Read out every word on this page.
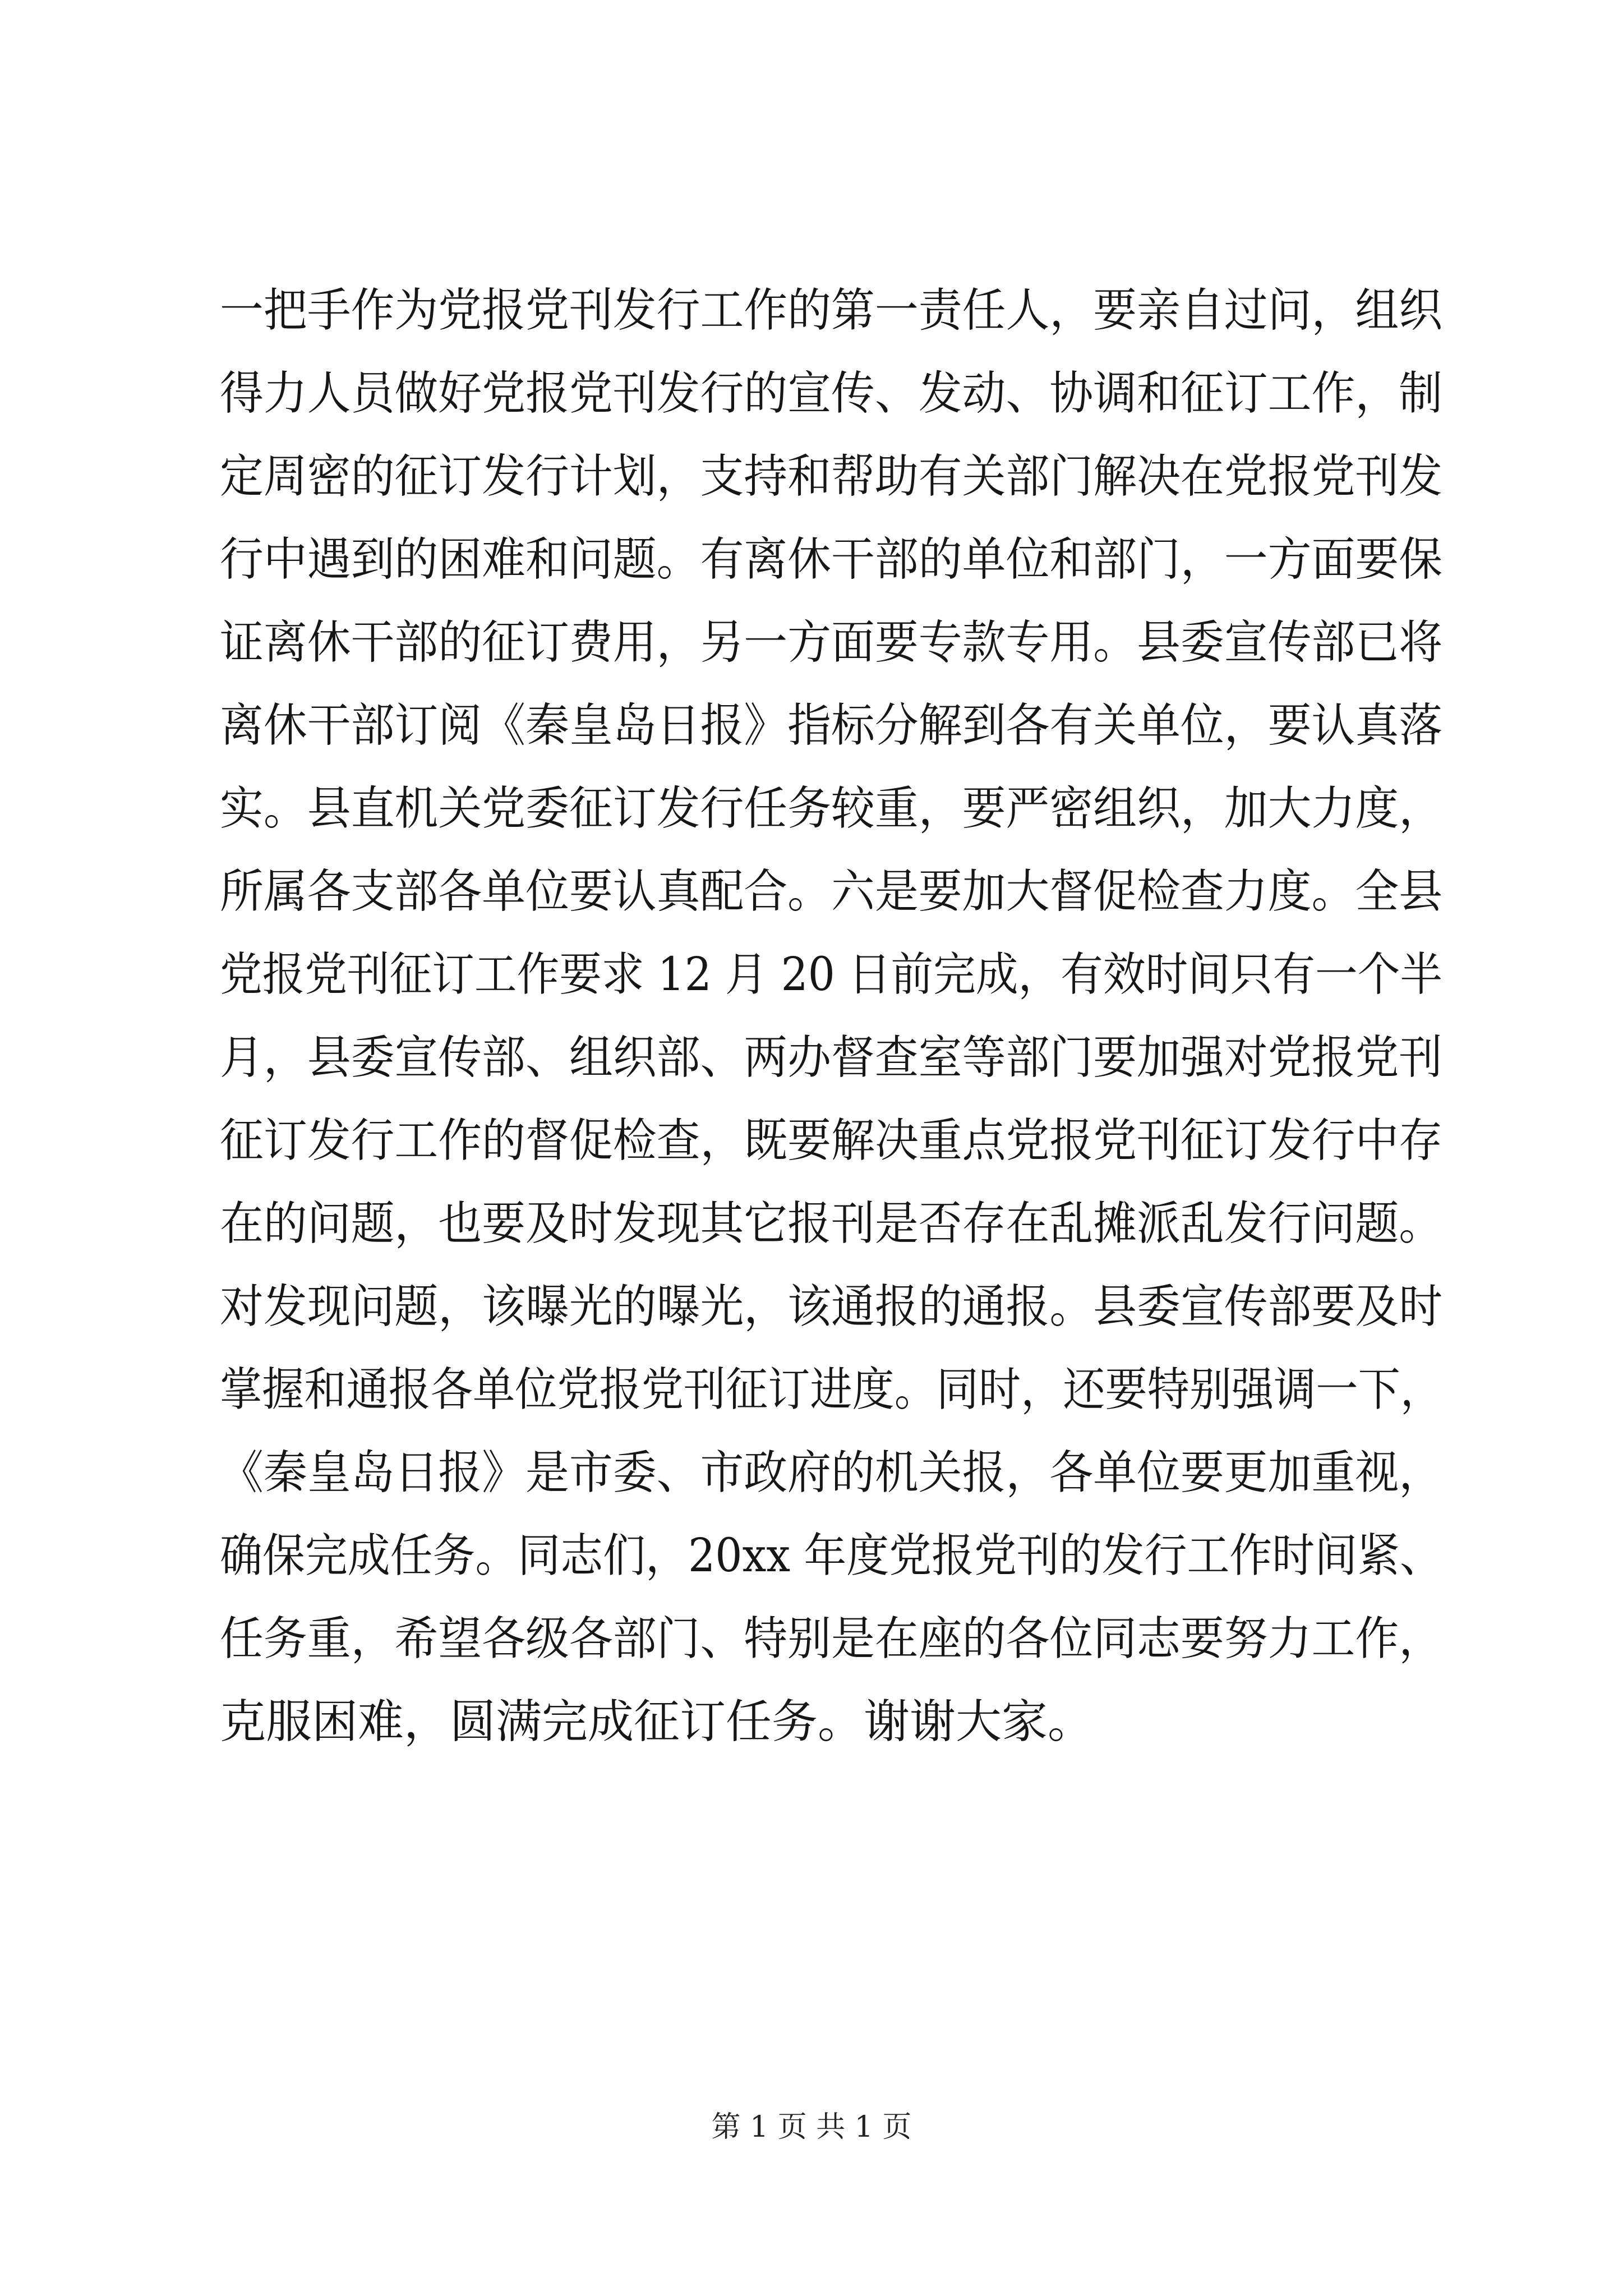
一把手作为党报党刊发行工作的第一责任人，要亲自过问，组织
得力人员做好党报党刊发行的宣传、发动、协调和征订工作，制
定周密的征订发行计划，支持和帮助有关部门解决在党报党刊发
行中遇到的困难和问题。有离休干部的单位和部门，一方面要保
证离休干部的征订费用，另一方面要专款专用。县委宣传部已将
离休干部订阅《秦皇岛日报》指标分解到各有关单位，要认真落
实。县直机关党委征订发行任务较重，要严密组织，加大力度，
所属各支部各单位要认真配合。六是要加大督促检查力度。全县
党报党刊征订工作要求 12 月 20 日前完成，有效时间只有一个半
月，县委宣传部、组织部、两办督查室等部门要加强对党报党刊
征订发行工作的督促检查，既要解决重点党报党刊征订发行中存
在的问题，也要及时发现其它报刊是否存在乱摊派乱发行问题。
对发现问题，该曝光的曝光，该通报的通报。县委宣传部要及时
掌握和通报各单位党报党刊征订进度。同时，还要特别强调一下，
《秦皇岛日报》是市委、市政府的机关报，各单位要更加重视，
确保完成任务。同志们，20xx 年度党报党刊的发行工作时间紧、
任务重，希望各级各部门、特别是在座的各位同志要努力工作，
克服困难，圆满完成征订任务。谢谢大家。
第 1 页 共 1 页
